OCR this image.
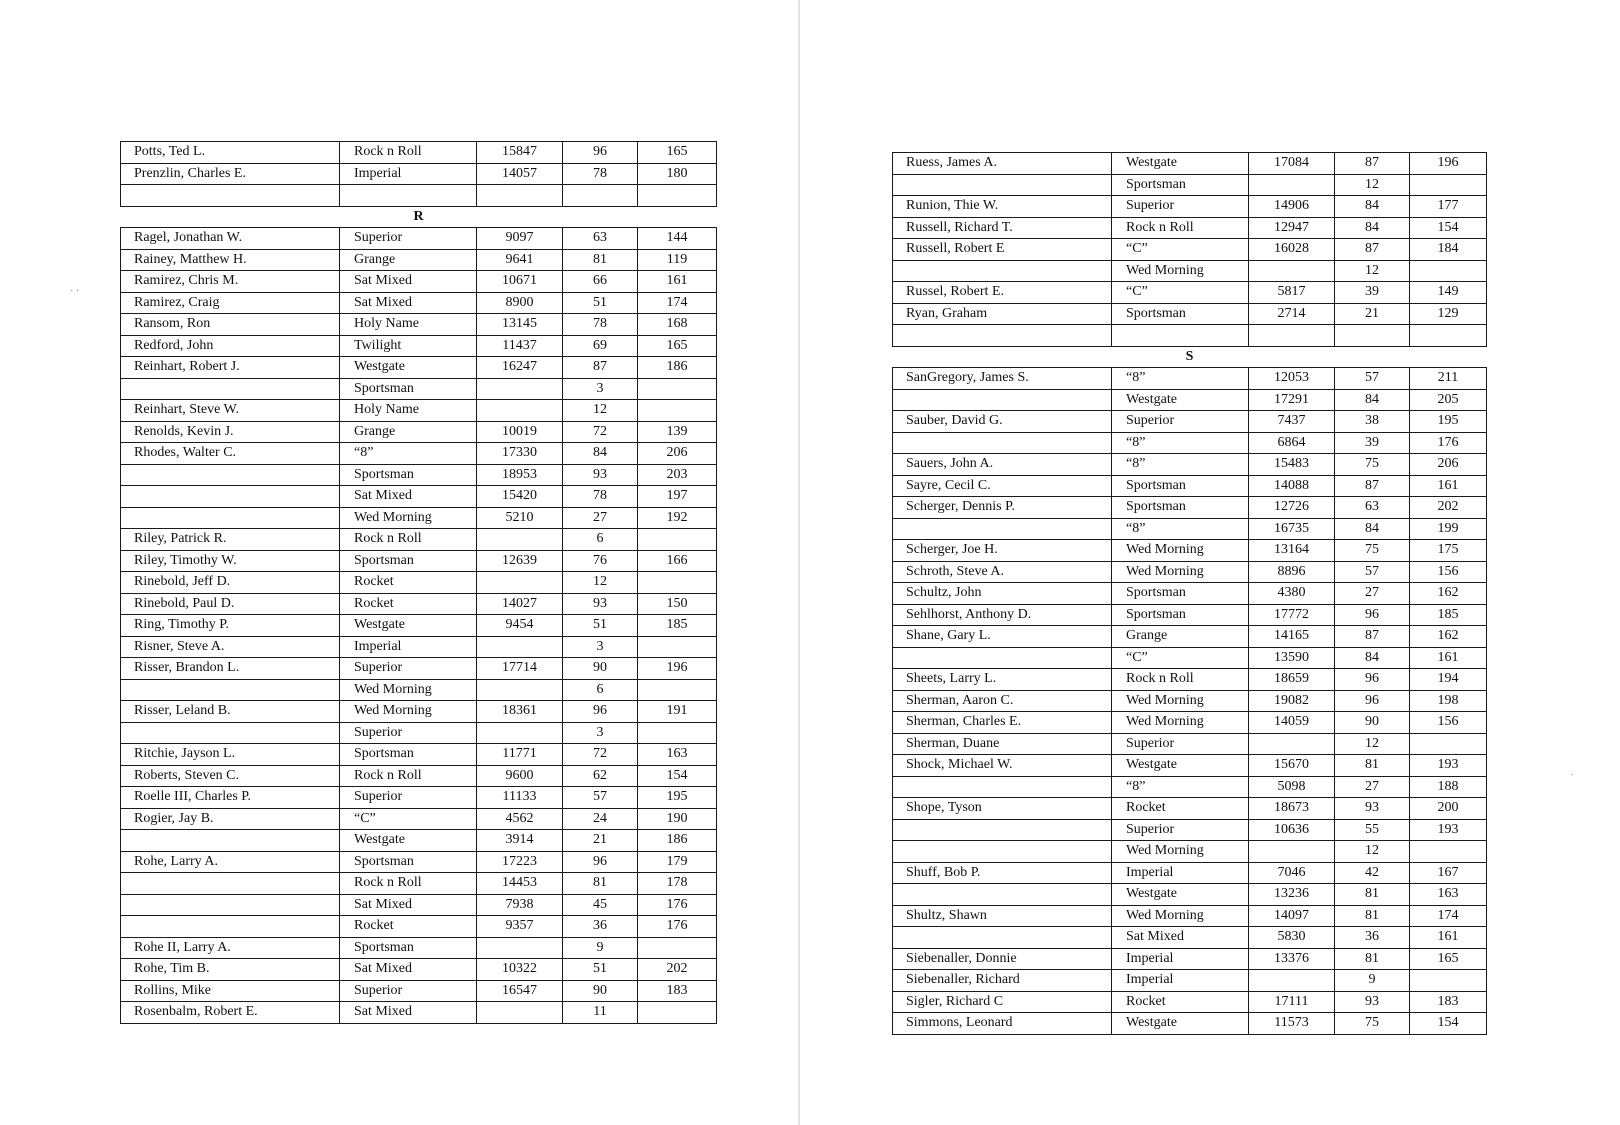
· ·
Potts, Ted L.	Rock n Roll	15847	96	165
Prenzlin, Charles E.	Imperial	14057	78	180

R				
Ragel, Jonathan W.	Superior	9097	63	144
Rainey, Matthew H.	Grange	9641	81	119
Ramirez, Chris M.	Sat Mixed	10671	66	161
Ramirez, Craig	Sat Mixed	8900	51	174
Ransom, Ron	Holy Name	13145	78	168
Redford, John	Twilight	11437	69	165
Reinhart, Robert J.	Westgate	16247	87	186
	Sportsman		3	
Reinhart, Steve W.	Holy Name		12	
Renolds, Kevin J.	Grange	10019	72	139
Rhodes, Walter C.	“8”	17330	84	206
	Sportsman	18953	93	203
	Sat Mixed	15420	78	197
	Wed Morning	5210	27	192
Riley, Patrick R.	Rock n Roll		6	
Riley, Timothy W.	Sportsman	12639	76	166
Rinebold, Jeff D.	Rocket		12	
Rinebold, Paul D.	Rocket	14027	93	150
Ring, Timothy P.	Westgate	9454	51	185
Risner, Steve A.	Imperial		3	
Risser, Brandon L.	Superior	17714	90	196
	Wed Morning		6	
Risser, Leland B.	Wed Morning	18361	96	191
	Superior		3	
Ritchie, Jayson L.	Sportsman	11771	72	163
Roberts, Steven C.	Rock n Roll	9600	62	154
Roelle III, Charles P.	Superior	11133	57	195
Rogier, Jay B.	“C”	4562	24	190
	Westgate	3914	21	186
Rohe, Larry A.	Sportsman	17223	96	179
	Rock n Roll	14453	81	178
	Sat Mixed	7938	45	176
	Rocket	9357	36	176
Rohe II, Larry A.	Sportsman		9	
Rohe, Tim B.	Sat Mixed	10322	51	202
Rollins, Mike	Superior	16547	90	183
Rosenbalm, Robert E.	Sat Mixed		11	
·
Ruess, James A.	Westgate	17084	87	196
	Sportsman		12	
Runion, Thie W.	Superior	14906	84	177
Russell, Richard T.	Rock n Roll	12947	84	154
Russell, Robert E	“C”	16028	87	184
	Wed Morning		12	
Russel, Robert E.	“C”	5817	39	149
Ryan, Graham	Sportsman	2714	21	129

S				
SanGregory, James S.	“8”	12053	57	211
	Westgate	17291	84	205
Sauber, David G.	Superior	7437	38	195
	“8”	6864	39	176
Sauers, John A.	“8”	15483	75	206
Sayre, Cecil C.	Sportsman	14088	87	161
Scherger, Dennis P.	Sportsman	12726	63	202
	“8”	16735	84	199
Scherger, Joe H.	Wed Morning	13164	75	175
Schroth, Steve A.	Wed Morning	8896	57	156
Schultz, John	Sportsman	4380	27	162
Sehlhorst, Anthony D.	Sportsman	17772	96	185
Shane, Gary L.	Grange	14165	87	162
	“C”	13590	84	161
Sheets, Larry L.	Rock n Roll	18659	96	194
Sherman, Aaron C.	Wed Morning	19082	96	198
Sherman, Charles E.	Wed Morning	14059	90	156
Sherman, Duane	Superior		12	
Shock, Michael W.	Westgate	15670	81	193
	“8”	5098	27	188
Shope, Tyson	Rocket	18673	93	200
	Superior	10636	55	193
	Wed Morning		12	
Shuff, Bob P.	Imperial	7046	42	167
	Westgate	13236	81	163
Shultz, Shawn	Wed Morning	14097	81	174
	Sat Mixed	5830	36	161
Siebenaller, Donnie	Imperial	13376	81	165
Siebenaller, Richard	Imperial		9	
Sigler, Richard C	Rocket	17111	93	183
Simmons, Leonard	Westgate	11573	75	154
